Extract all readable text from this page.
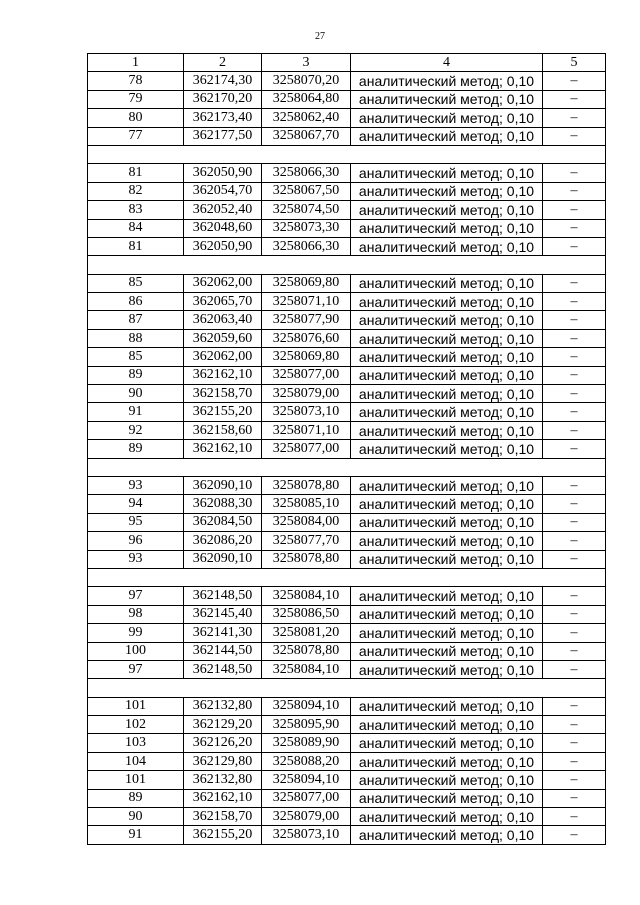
27
1	2	3	4	5
78	362174,30	3258070,20	аналитический метод; 0,10	–
79	362170,20	3258064,80	аналитический метод; 0,10	–
80	362173,40	3258062,40	аналитический метод; 0,10	–
77	362177,50	3258067,70	аналитический метод; 0,10	–

81	362050,90	3258066,30	аналитический метод; 0,10	–
82	362054,70	3258067,50	аналитический метод; 0,10	–
83	362052,40	3258074,50	аналитический метод; 0,10	–
84	362048,60	3258073,30	аналитический метод; 0,10	–
81	362050,90	3258066,30	аналитический метод; 0,10	–

85	362062,00	3258069,80	аналитический метод; 0,10	–
86	362065,70	3258071,10	аналитический метод; 0,10	–
87	362063,40	3258077,90	аналитический метод; 0,10	–
88	362059,60	3258076,60	аналитический метод; 0,10	–
85	362062,00	3258069,80	аналитический метод; 0,10	–
89	362162,10	3258077,00	аналитический метод; 0,10	–
90	362158,70	3258079,00	аналитический метод; 0,10	–
91	362155,20	3258073,10	аналитический метод; 0,10	–
92	362158,60	3258071,10	аналитический метод; 0,10	–
89	362162,10	3258077,00	аналитический метод; 0,10	–

93	362090,10	3258078,80	аналитический метод; 0,10	–
94	362088,30	3258085,10	аналитический метод; 0,10	–
95	362084,50	3258084,00	аналитический метод; 0,10	–
96	362086,20	3258077,70	аналитический метод; 0,10	–
93	362090,10	3258078,80	аналитический метод; 0,10	–

97	362148,50	3258084,10	аналитический метод; 0,10	–
98	362145,40	3258086,50	аналитический метод; 0,10	–
99	362141,30	3258081,20	аналитический метод; 0,10	–
100	362144,50	3258078,80	аналитический метод; 0,10	–
97	362148,50	3258084,10	аналитический метод; 0,10	–

101	362132,80	3258094,10	аналитический метод; 0,10	–
102	362129,20	3258095,90	аналитический метод; 0,10	–
103	362126,20	3258089,90	аналитический метод; 0,10	–
104	362129,80	3258088,20	аналитический метод; 0,10	–
101	362132,80	3258094,10	аналитический метод; 0,10	–
89	362162,10	3258077,00	аналитический метод; 0,10	–
90	362158,70	3258079,00	аналитический метод; 0,10	–
91	362155,20	3258073,10	аналитический метод; 0,10	–
